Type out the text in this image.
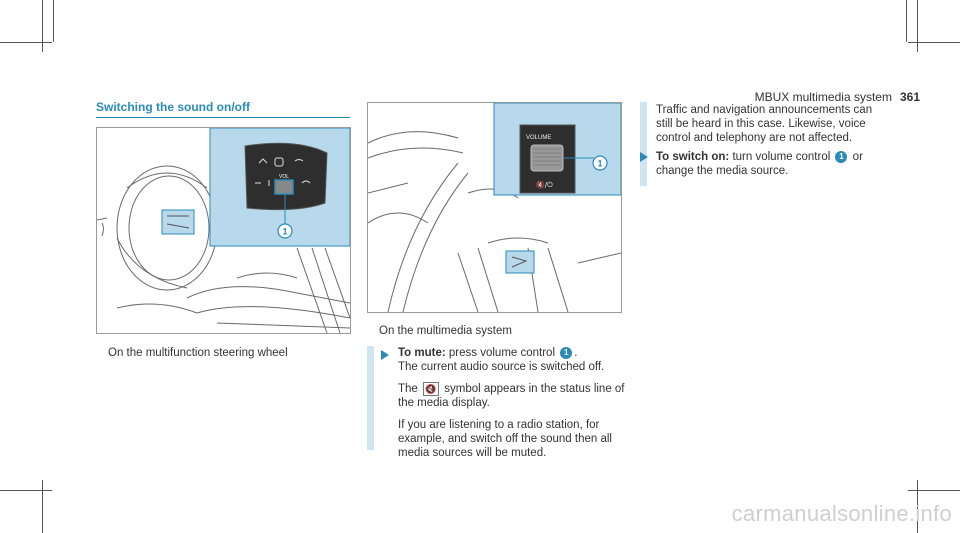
MBUX multimedia system 361
Switching the sound on/off
VOL
1
On the multifunction steering wheel
VOLUME
🔇/⏻
1
On the multimedia system

To mute: press volume control 1 .
The current audio source is switched off.

The 🔇 symbol appears in the status line of the media display.

If you are listening to a radio station, for example, and switch off the sound then all media sources will be muted.

Traffic and navigation announcements can still be heard in this case. Likewise, voice control and telephony are not affected.
To switch on: turn volume control 1 or change the media source.
carmanualsonline.info
